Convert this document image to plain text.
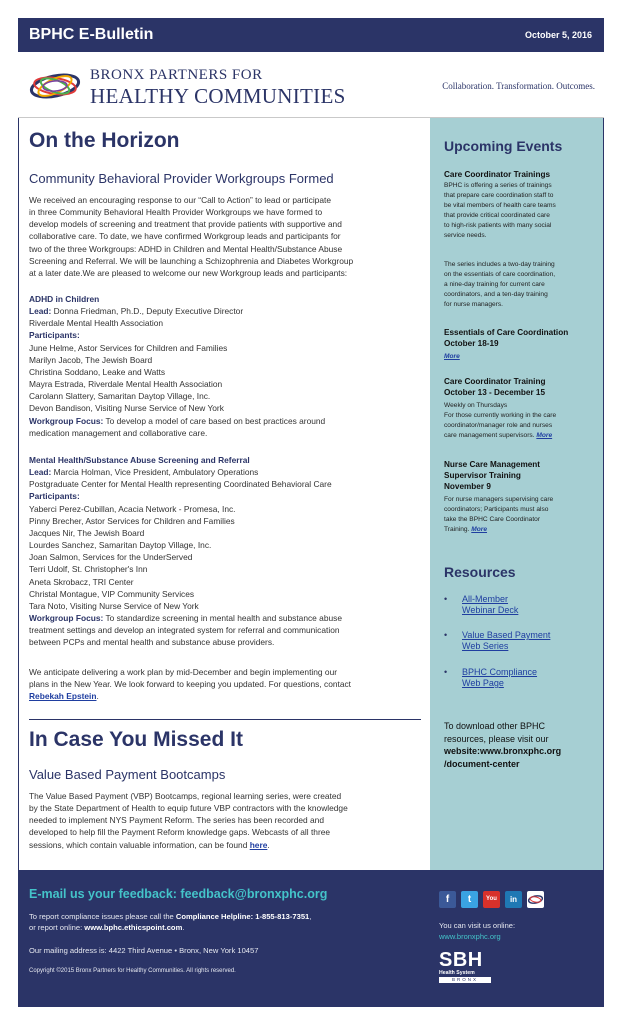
BPHC E-Bulletin	October 5, 2016
BRONX PARTNERS FOR
HEALTHY COMMUNITIES	Collaboration. Transformation. Outcomes.
On the Horizon
Community Behavioral Provider Workgroups Formed
We received an encouraging response to our “Call to Action” to lead or participate
in three Community Behavioral Health Provider Workgroups we have formed to
develop models of screening and treatment that provide patients with supportive and
collaborative care. To date, we have confirmed Workgroup leads and participants for
two of the three Workgroups: ADHD in Children and Mental Health/Substance Abuse
Screening and Referral. We will be launching a Schizophrenia and Diabetes Workgroup
at a later date.We are pleased to welcome our new Workgroup leads and participants:
ADHD in Children
Lead: Donna Friedman, Ph.D., Deputy Executive Director
Riverdale Mental Health Association
Participants:
June Helme, Astor Services for Children and Families
Marilyn Jacob, The Jewish Board
Christina Soddano, Leake and Watts
Mayra Estrada, Riverdale Mental Health Association
Carolann Slattery, Samaritan Daytop Village, Inc.
Devon Bandison, Visiting Nurse Service of New York
Workgroup Focus: To develop a model of care based on best practices around
medication management and collaborative care.
Mental Health/Substance Abuse Screening and Referral
Lead: Marcia Holman, Vice President, Ambulatory Operations
Postgraduate Center for Mental Health representing Coordinated Behavioral Care
Participants:
Yaberci Perez-Cubillan, Acacia Network - Promesa, Inc.
Pinny Brecher, Astor Services for Children and Families
Jacques Nir, The Jewish Board
Lourdes Sanchez, Samaritan Daytop Village, Inc.
Joan Salmon, Services for the UnderServed
Terri Udolf, St. Christopher's Inn
Aneta Skrobacz, TRI Center
Christal Montague, VIP Community Services
Tara Noto, Visiting Nurse Service of New York
Workgroup Focus: To standardize screening in mental health and substance abuse
treatment settings and develop an integrated system for referral and communication
between PCPs and mental health and substance abuse providers.
We anticipate delivering a work plan by mid-December and begin implementing our
plans in the New Year. We look forward to keeping you updated. For questions, contact
Rebekah Epstein.
In Case You Missed It
Value Based Payment Bootcamps
The Value Based Payment (VBP) Bootcamps, regional learning series, were created
by the State Department of Health to equip future VBP contractors with the knowledge
needed to implement NYS Payment Reform. The series has been recorded and
developed to help fill the Payment Reform knowledge gaps. Webcasts of all three
sessions, which contain valuable information, can be found here.
Upcoming Events
Care Coordinator Trainings
BPHC is offering a series of trainings
that prepare care coordination staff to
be vital members of health care teams
that provide critical coordinated care
to high-risk patients with many social
service needs.
The series includes a two-day training
on the essentials of care coordination,
a nine-day training for current care
coordinators, and a ten-day training
for nurse managers.
Essentials of Care Coordination
October 18-19
More
Care Coordinator Training
October 13 - December 15
Weekly on Thursdays
For those currently working in the care
coordinator/manager role and nurses
care management supervisors. More
Nurse Care Management
Supervisor Training
November 9
For nurse managers supervising care
coordinators; Participants must also
take the BPHC Care Coordinator
Training. More
Resources
• All-Member
Webinar Deck
• Value Based Payment
Web Series
• BPHC Compliance
Web Page
To download other BPHC
resources, please visit our
website:www.bronxphc.org
/document-center
E-mail us your feedback: feedback@bronxphc.org
To report compliance issues please call the Compliance Helpline: 1-855-813-7351,
or report online: www.bphc.ethicspoint.com.
Our mailing address is: 4422 Third Avenue • Bronx, New York 10457
Copyright ©2015 Bronx Partners for Healthy Communities. All rights reserved.
f	t	You	in
You can visit us online:
www.bronxphc.org
SBH
Health System
BRONX
